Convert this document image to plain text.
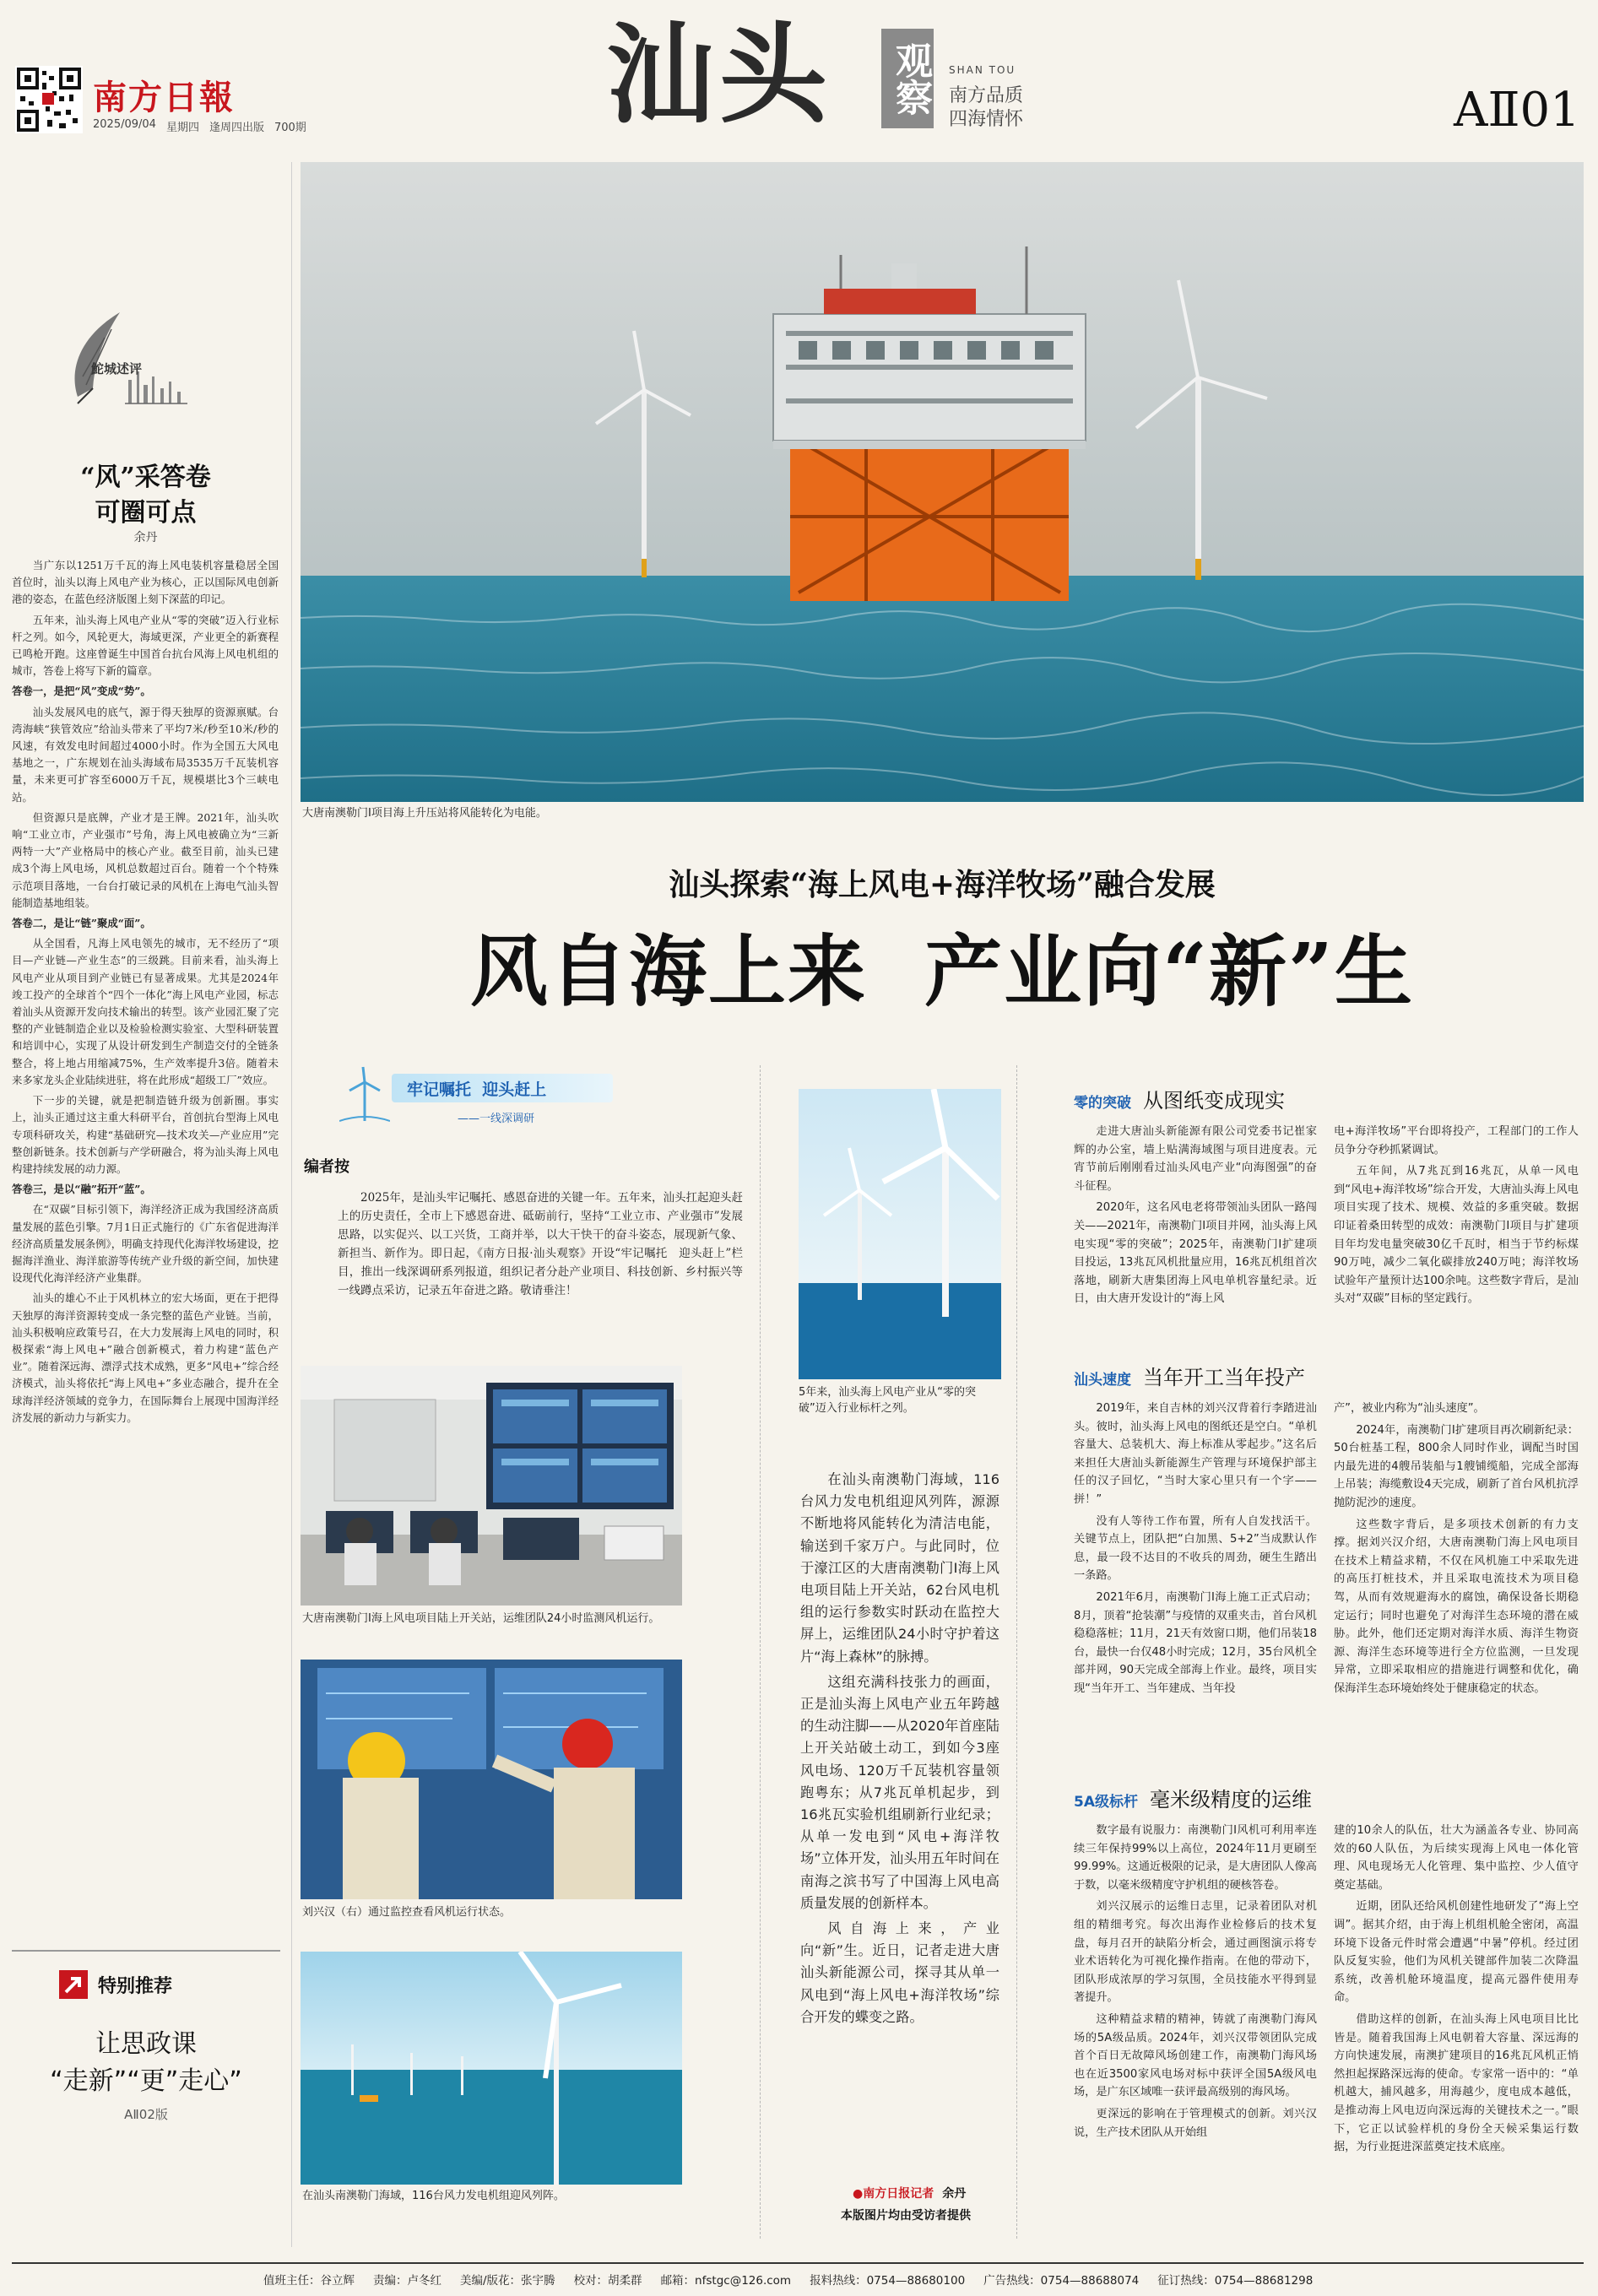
南方日報
2025/09/04 星期四 逢周四出版 700期	汕头 观察 SHAN TOU
南方品质
四海情怀	AⅡ01
大唐南澳勒门Ⅰ项目海上升压站将风能转化为电能。
鮀城述评
“风”采答卷
可圈可点
余丹

当广东以1251万千瓦的海上风电装机容量稳居全国首位时，汕头以海上风电产业为核心，正以国际风电创新港的姿态，在蓝色经济版图上刻下深蓝的印记。

五年来，汕头海上风电产业从“零的突破”迈入行业标杆之列。如今，风轮更大，海域更深，产业更全的新赛程已鸣枪开跑。这座曾诞生中国首台抗台风海上风电机组的城市，答卷上将写下新的篇章。

答卷一，是把“风”变成“势”。

汕头发展风电的底气，源于得天独厚的资源禀赋。台湾海峡“狭管效应”给汕头带来了平均7米/秒至10米/秒的风速，有效发电时间超过4000小时。作为全国五大风电基地之一，广东规划在汕头海域布局3535万千瓦装机容量，未来更可扩容至6000万千瓦，规模堪比3个三峡电站。

但资源只是底牌，产业才是王牌。2021年，汕头吹响“工业立市，产业强市”号角，海上风电被确立为“三新两特一大”产业格局中的核心产业。截至目前，汕头已建成3个海上风电场，风机总数超过百台。随着一个个特殊示范项目落地，一台台打破记录的风机在上海电气汕头智能制造基地组装。

答卷二，是让“链”聚成“面”。

从全国看，凡海上风电领先的城市，无不经历了“项目—产业链—产业生态”的三级跳。目前来看，汕头海上风电产业从项目到产业链已有显著成果。尤其是2024年竣工投产的全球首个“四个一体化”海上风电产业园，标志着汕头从资源开发向技术输出的转型。该产业园汇聚了完整的产业链制造企业以及检验检测实验室、大型科研装置和培训中心，实现了从设计研发到生产制造交付的全链条整合，将上地占用缩减75%，生产效率提升3倍。随着未来多家龙头企业陆续进驻，将在此形成“超级工厂”效应。

下一步的关键，就是把制造链升级为创新圈。事实上，汕头正通过这主重大科研平台，首创抗台型海上风电专项科研攻关，构建“基础研究—技术攻关—产业应用”完整创新链条。技术创新与产学研融合，将为汕头海上风电构建持续发展的动力源。

答卷三，是以“融”拓开“蓝”。

在“双碳”目标引领下，海洋经济正成为我国经济高质量发展的蓝色引擎。7月1日正式施行的《广东省促进海洋经济高质量发展条例》，明确支持现代化海洋牧场建设，挖掘海洋渔业、海洋旅游等传统产业升级的新空间，加快建设现代化海洋经济产业集群。

汕头的雄心不止于风机林立的宏大场面，更在于把得天独厚的海洋资源转变成一条完整的蓝色产业链。当前，汕头积极响应政策号召，在大力发展海上风电的同时，积极探索“海上风电+”融合创新模式，着力构建“蓝色产业”。随着深远海、漂浮式技术成熟，更多“风电+”综合经济模式，汕头将依托“海上风电+”多业态融合，提升在全球海洋经济领域的竞争力，在国际舞台上展现中国海洋经济发展的新动力与新实力。

特别推荐
让思政课
“走新”“更”走心”
AⅡ02版
汕头探索“海上风电+海洋牧场”融合发展
风自海上来  产业向“新”生
牢记嘱托  迎头赶上
——一线深调研
编者按

2025年，是汕头牢记嘱托、感恩奋进的关键一年。五年来，汕头扛起迎头赶上的历史责任，全市上下感恩奋进、砥砺前行，坚持“工业立市、产业强市”发展思路，以实促兴、以工兴货，工商并举，以大干快干的奋斗姿态，展现新气象、新担当、新作为。即日起，《南方日报·汕头观察》开设“牢记嘱托　迎头赶上”栏目，推出一线深调研系列报道，组织记者分赴产业项目、科技创新、乡村振兴等一线蹲点采访，记录五年奋进之路。敬请垂注！

大唐南澳勒门Ⅰ海上风电项目陆上开关站，运维团队24小时监测风机运行。
刘兴汉（右）通过监控查看风机运行状态。
在汕头南澳勒门海域，116台风力发电机组迎风列阵。
5年来，汕头海上风电产业从“零的突破”迈入行业标杆之列。

在汕头南澳勒门海域，116台风力发电机组迎风列阵，源源不断地将风能转化为清洁电能，输送到千家万户。与此同时，位于濠江区的大唐南澳勒门Ⅰ海上风电项目陆上开关站，62台风电机组的运行参数实时跃动在监控大屏上，运维团队24小时守护着这片“海上森林”的脉搏。

这组充满科技张力的画面，正是汕头海上风电产业五年跨越的生动注脚——从2020年首座陆上开关站破土动工，到如今3座风电场、120万千瓦装机容量领跑粤东；从7兆瓦单机起步，到16兆瓦实验机组刷新行业纪录；从单一发电到“风电+海洋牧场”立体开发，汕头用五年时间在南海之滨书写了中国海上风电高质量发展的创新样本。

风自海上来，产业向“新”生。近日，记者走进大唐汕头新能源公司，探寻其从单一风电到“海上风电+海洋牧场”综合开发的蝶变之路。

●南方日报记者 余丹
本版图片均由受访者提供
零的突破 从图纸变成现实

走进大唐汕头新能源有限公司党委书记崔家辉的办公室，墙上贴满海域图与项目进度表。元宵节前后刚刚看过汕头风电产业“向海图强”的奋斗征程。

2020年，这名风电老将带领汕头团队一路闯关——2021年，南澳勒门Ⅰ项目并网，汕头海上风电实现“零的突破”；2025年，南澳勒门Ⅰ扩建项目投运，13兆瓦风机批量应用，16兆瓦机组首次落地，刷新大唐集团海上风电单机容量纪录。近日，由大唐开发设计的“海上风

电+海洋牧场”平台即将投产，工程部门的工作人员争分夺秒抓紧调试。

五年间，从7兆瓦到16兆瓦，从单一风电到“风电+海洋牧场”综合开发，大唐汕头海上风电项目实现了技术、规模、效益的多重突破。数据印证着桑田转型的成效：南澳勒门Ⅰ项目与扩建项目年均发电量突破30亿千瓦时，相当于节约标煤90万吨，减少二氧化碳排放240万吨；海洋牧场试验年产量预计达100余吨。这些数字背后，是汕头对“双碳”目标的坚定践行。

汕头速度 当年开工当年投产

2019年，来自吉林的刘兴汉背着行李踏进汕头。彼时，汕头海上风电的图纸还是空白。“单机容量大、总装机大、海上标准从零起步。”这名后来担任大唐汕头新能源生产管理与环境保护部主任的汉子回忆，“当时大家心里只有一个字——拼！”

没有人等待工作布置，所有人自发找活干。关键节点上，团队把“白加黑、5+2”当成默认作息，最一段不达目的不收兵的周劲，硬生生踏出一条路。

2021年6月，南澳勒门Ⅰ海上施工正式启动；8月，顶着“抢装潮”与疫情的双重夹击，首台风机稳稳落桩；11月，21天有效窗口期，他们吊装18台，最快一台仅48小时完成；12月，35台风机全部并网，90天完成全部海上作业。最终，项目实现“当年开工、当年建成、当年投

产”，被业内称为“汕头速度”。

2024年，南澳勒门Ⅰ扩建项目再次刷新纪录：50台桩基工程，800余人同时作业，调配当时国内最先进的4艘吊装船与1艘铺缆船，完成全部海上吊装；海缆敷设4天完成，刷新了首台风机抗浮抛防泥沙的速度。

这些数字背后，是多项技术创新的有力支撑。据刘兴汉介绍，大唐南澳勒门海上风电项目在技术上精益求精，不仅在风机施工中采取先进的高压打桩技术，并且采取电流技术为项目稳驾，从而有效规避海水的腐蚀，确保设备长期稳定运行；同时也避免了对海洋生态环境的潜在威胁。此外，他们还定期对海洋水质、海洋生物资源、海洋生态环境等进行全方位监测，一旦发现异常，立即采取相应的措施进行调整和优化，确保海洋生态环境始终处于健康稳定的状态。

5A级标杆 毫米级精度的运维

数字最有说服力：南澳勒门Ⅰ风机可利用率连续三年保持99%以上高位，2024年11月更刷至99.99%。这通近极限的记录，是大唐团队人像高于数，以毫米级精度守护机组的硬核答卷。

刘兴汉展示的运维日志里，记录着团队对机组的精细考究。每次出海作业检修后的技术复盘，每月召开的缺陷分析会，通过画图演示将专业术语转化为可视化操作指南。在他的带动下，团队形成浓厚的学习氛围，全员技能水平得到显著提升。

这种精益求精的精神，铸就了南澳勒门海风场的5A级品质。2024年，刘兴汉带领团队完成首个百日无故障风场创建工作，南澳勒门海风场也在近3500家风电场对标中获评全国5A级风电场，是广东区域唯一获评最高级别的海风场。

更深远的影响在于管理模式的创新。刘兴汉说，生产技术团队从开始组

建的10余人的队伍，壮大为涵盖各专业、协同高效的60人队伍，为后续实现海上风电一体化管理、风电现场无人化管理、集中监控、少人值守奠定基础。

近期，团队还给风机创建性地研发了“海上空调”。据其介绍，由于海上机组机舱全密闭，高温环境下设备元件时常会遭遇“中暑”停机。经过团队反复实验，他们为风机关键部件加装二次降温系统，改善机舱环境温度，提高元器件使用寿命。

借助这样的创新，在汕头海上风电项目比比皆是。随着我国海上风电朝着大容量、深远海的方向快速发展，南澳扩建项目的16兆瓦风机正悄然担起探路深远海的使命。专家常一语中的：“单机越大，捕风越多，用海越少，度电成本越低，是推动海上风电迈向深远海的关键技术之一。”眼下，它正以试验样机的身份全天候采集运行数据，为行业挺进深蓝奠定技术底座。

值班主任：谷立辉 责编：卢冬红 美编/版花：张宇腾 校对：胡柔群 邮箱：nfstgc@126.com 报料热线：0754—88680100 广告热线：0754—88688074 征订热线：0754—88681298
